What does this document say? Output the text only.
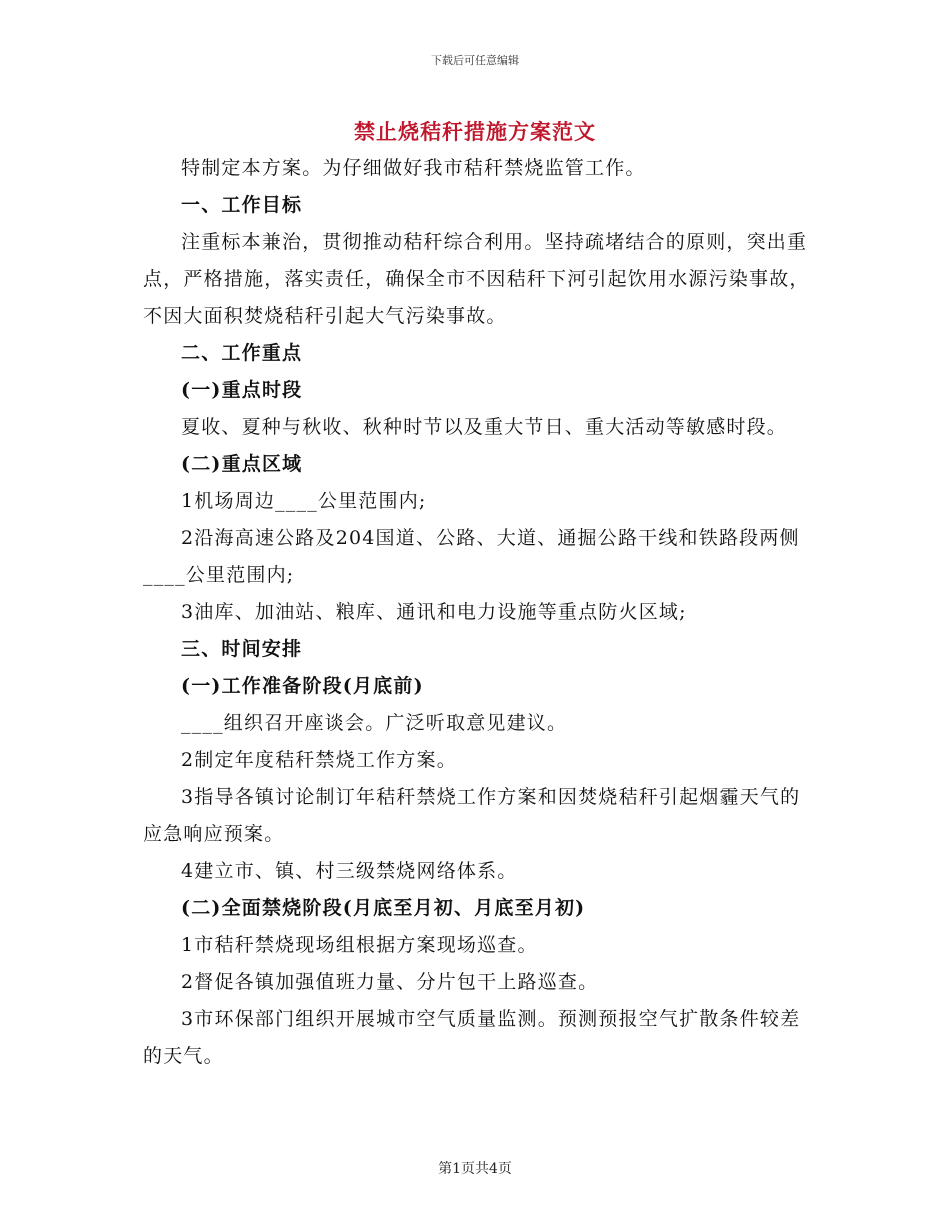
下载后可任意编辑
禁止烧秸秆措施方案范文

特制定本方案。为仔细做好我市秸秆禁烧监管工作。

一、工作目标

注重标本兼治，贯彻推动秸秆综合利用。坚持疏堵结合的原则，突出重点，严格措施，落实责任，确保全市不因秸秆下河引起饮用水源污染事故，不因大面积焚烧秸秆引起大气污染事故。

二、工作重点

(一)重点时段

夏收、夏种与秋收、秋种时节以及重大节日、重大活动等敏感时段。

(二)重点区域

1机场周边____公里范围内;

2沿海高速公路及204国道、公路、大道、通掘公路干线和铁路段两侧____公里范围内;

3油库、加油站、粮库、通讯和电力设施等重点防火区域;

三、时间安排

(一)工作准备阶段(月底前)

____组织召开座谈会。广泛听取意见建议。

2制定年度秸秆禁烧工作方案。

3指导各镇讨论制订年秸秆禁烧工作方案和因焚烧秸秆引起烟霾天气的应急响应预案。

4建立市、镇、村三级禁烧网络体系。

(二)全面禁烧阶段(月底至月初、月底至月初)

1市秸秆禁烧现场组根据方案现场巡查。

2督促各镇加强值班力量、分片包干上路巡查。

3市环保部门组织开展城市空气质量监测。预测预报空气扩散条件较差的天气。

第1页共4页
